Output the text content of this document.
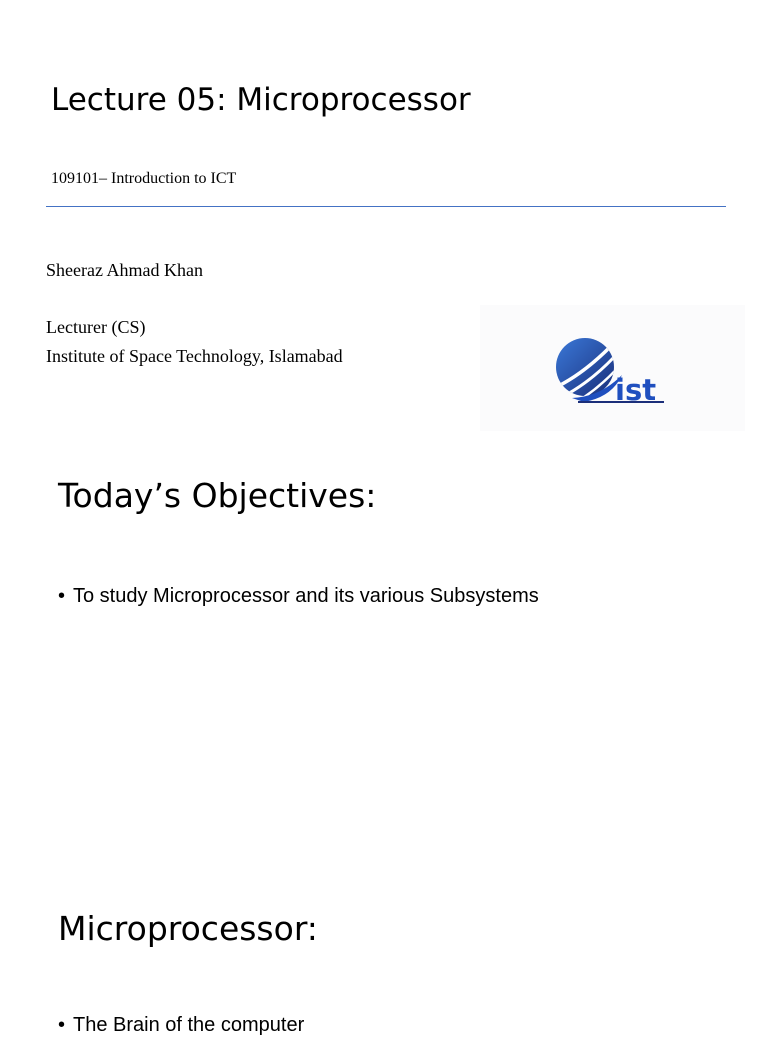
Lecture 05: Microprocessor
109101– Introduction to ICT
Sheeraz Ahmad Khan
Lecturer (CS)
Institute of Space Technology, Islamabad
ist
Today’s Objectives:
• To study Microprocessor and its various Subsystems
Microprocessor:
• The Brain of the computer
